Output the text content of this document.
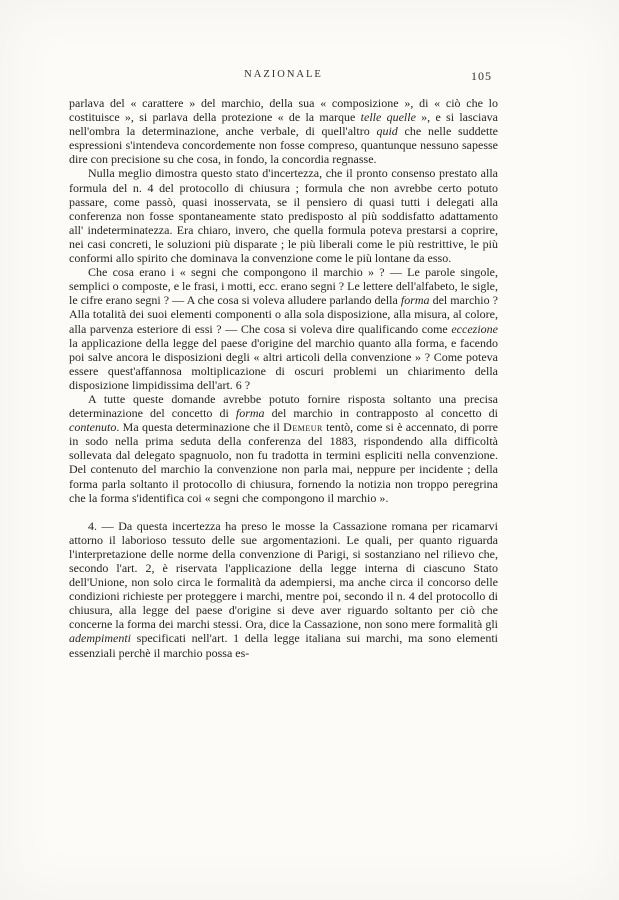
NAZIONALE	105

parlava del « carattere » del marchio, della sua « composizione », di « ciò che lo costituisce », si parlava della protezione « de la marque telle quelle », e si lasciava nell'ombra la determinazione, anche verbale, di quell'altro quid che nelle suddette espressioni s'intendeva concordemente non fosse compreso, quantunque nessuno sapesse dire con precisione su che cosa, in fondo, la concordia regnasse.

Nulla meglio dimostra questo stato d'incertezza, che il pronto consenso prestato alla formula del n. 4 del protocollo di chiusura ; formula che non avrebbe certo potuto passare, come passò, quasi inosservata, se il pensiero di quasi tutti i delegati alla conferenza non fosse spontaneamente stato predisposto al più soddisfatto adattamento all' indeterminatezza. Era chiaro, invero, che quella formula poteva prestarsi a coprire, nei casi concreti, le soluzioni più disparate ; le più liberali come le più restrittive, le più conformi allo spirito che dominava la convenzione come le più lontane da esso.

Che cosa erano i « segni che compongono il marchio » ? — Le parole singole, semplici o composte, e le frasi, i motti, ecc. erano segni ? Le lettere dell'alfabeto, le sigle, le cifre erano segni ? — A che cosa si voleva alludere parlando della forma del marchio ? Alla totalità dei suoi elementi componenti o alla sola disposizione, alla misura, al colore, alla parvenza esteriore di essi ? — Che cosa si voleva dire qualificando come eccezione la applicazione della legge del paese d'origine del marchio quanto alla forma, e facendo poi salve ancora le disposizioni degli « altri articoli della convenzione » ? Come poteva essere quest'affannosa moltiplicazione di oscuri problemi un chiarimento della disposizione limpidissima dell'art. 6 ?

A tutte queste domande avrebbe potuto fornire risposta soltanto una precisa determinazione del concetto di forma del marchio in contrapposto al concetto di contenuto. Ma questa determinazione che il Demeur tentò, come si è accennato, di porre in sodo nella prima seduta della conferenza del 1883, rispondendo alla difficoltà sollevata dal delegato spagnuolo, non fu tradotta in termini espliciti nella convenzione. Del contenuto del marchio la convenzione non parla mai, neppure per incidente ; della forma parla soltanto il protocollo di chiusura, fornendo la notizia non troppo peregrina che la forma s'identifica coi « segni che compongono il marchio ».

4. — Da questa incertezza ha preso le mosse la Cassazione romana per ricamarvi attorno il laborioso tessuto delle sue argomentazioni. Le quali, per quanto riguarda l'interpretazione delle norme della convenzione di Parigi, si sostanziano nel rilievo che, secondo l'art. 2, è riservata l'applicazione della legge interna di ciascuno Stato dell'Unione, non solo circa le formalità da adempiersi, ma anche circa il concorso delle condizioni richieste per proteggere i marchi, mentre poi, secondo il n. 4 del protocollo di chiusura, alla legge del paese d'origine si deve aver riguardo soltanto per ciò che concerne la forma dei marchi stessi. Ora, dice la Cassazione, non sono mere formalità gli adempimenti specificati nell'art. 1 della legge italiana sui marchi, ma sono elementi essenziali perchè il marchio possa es-
